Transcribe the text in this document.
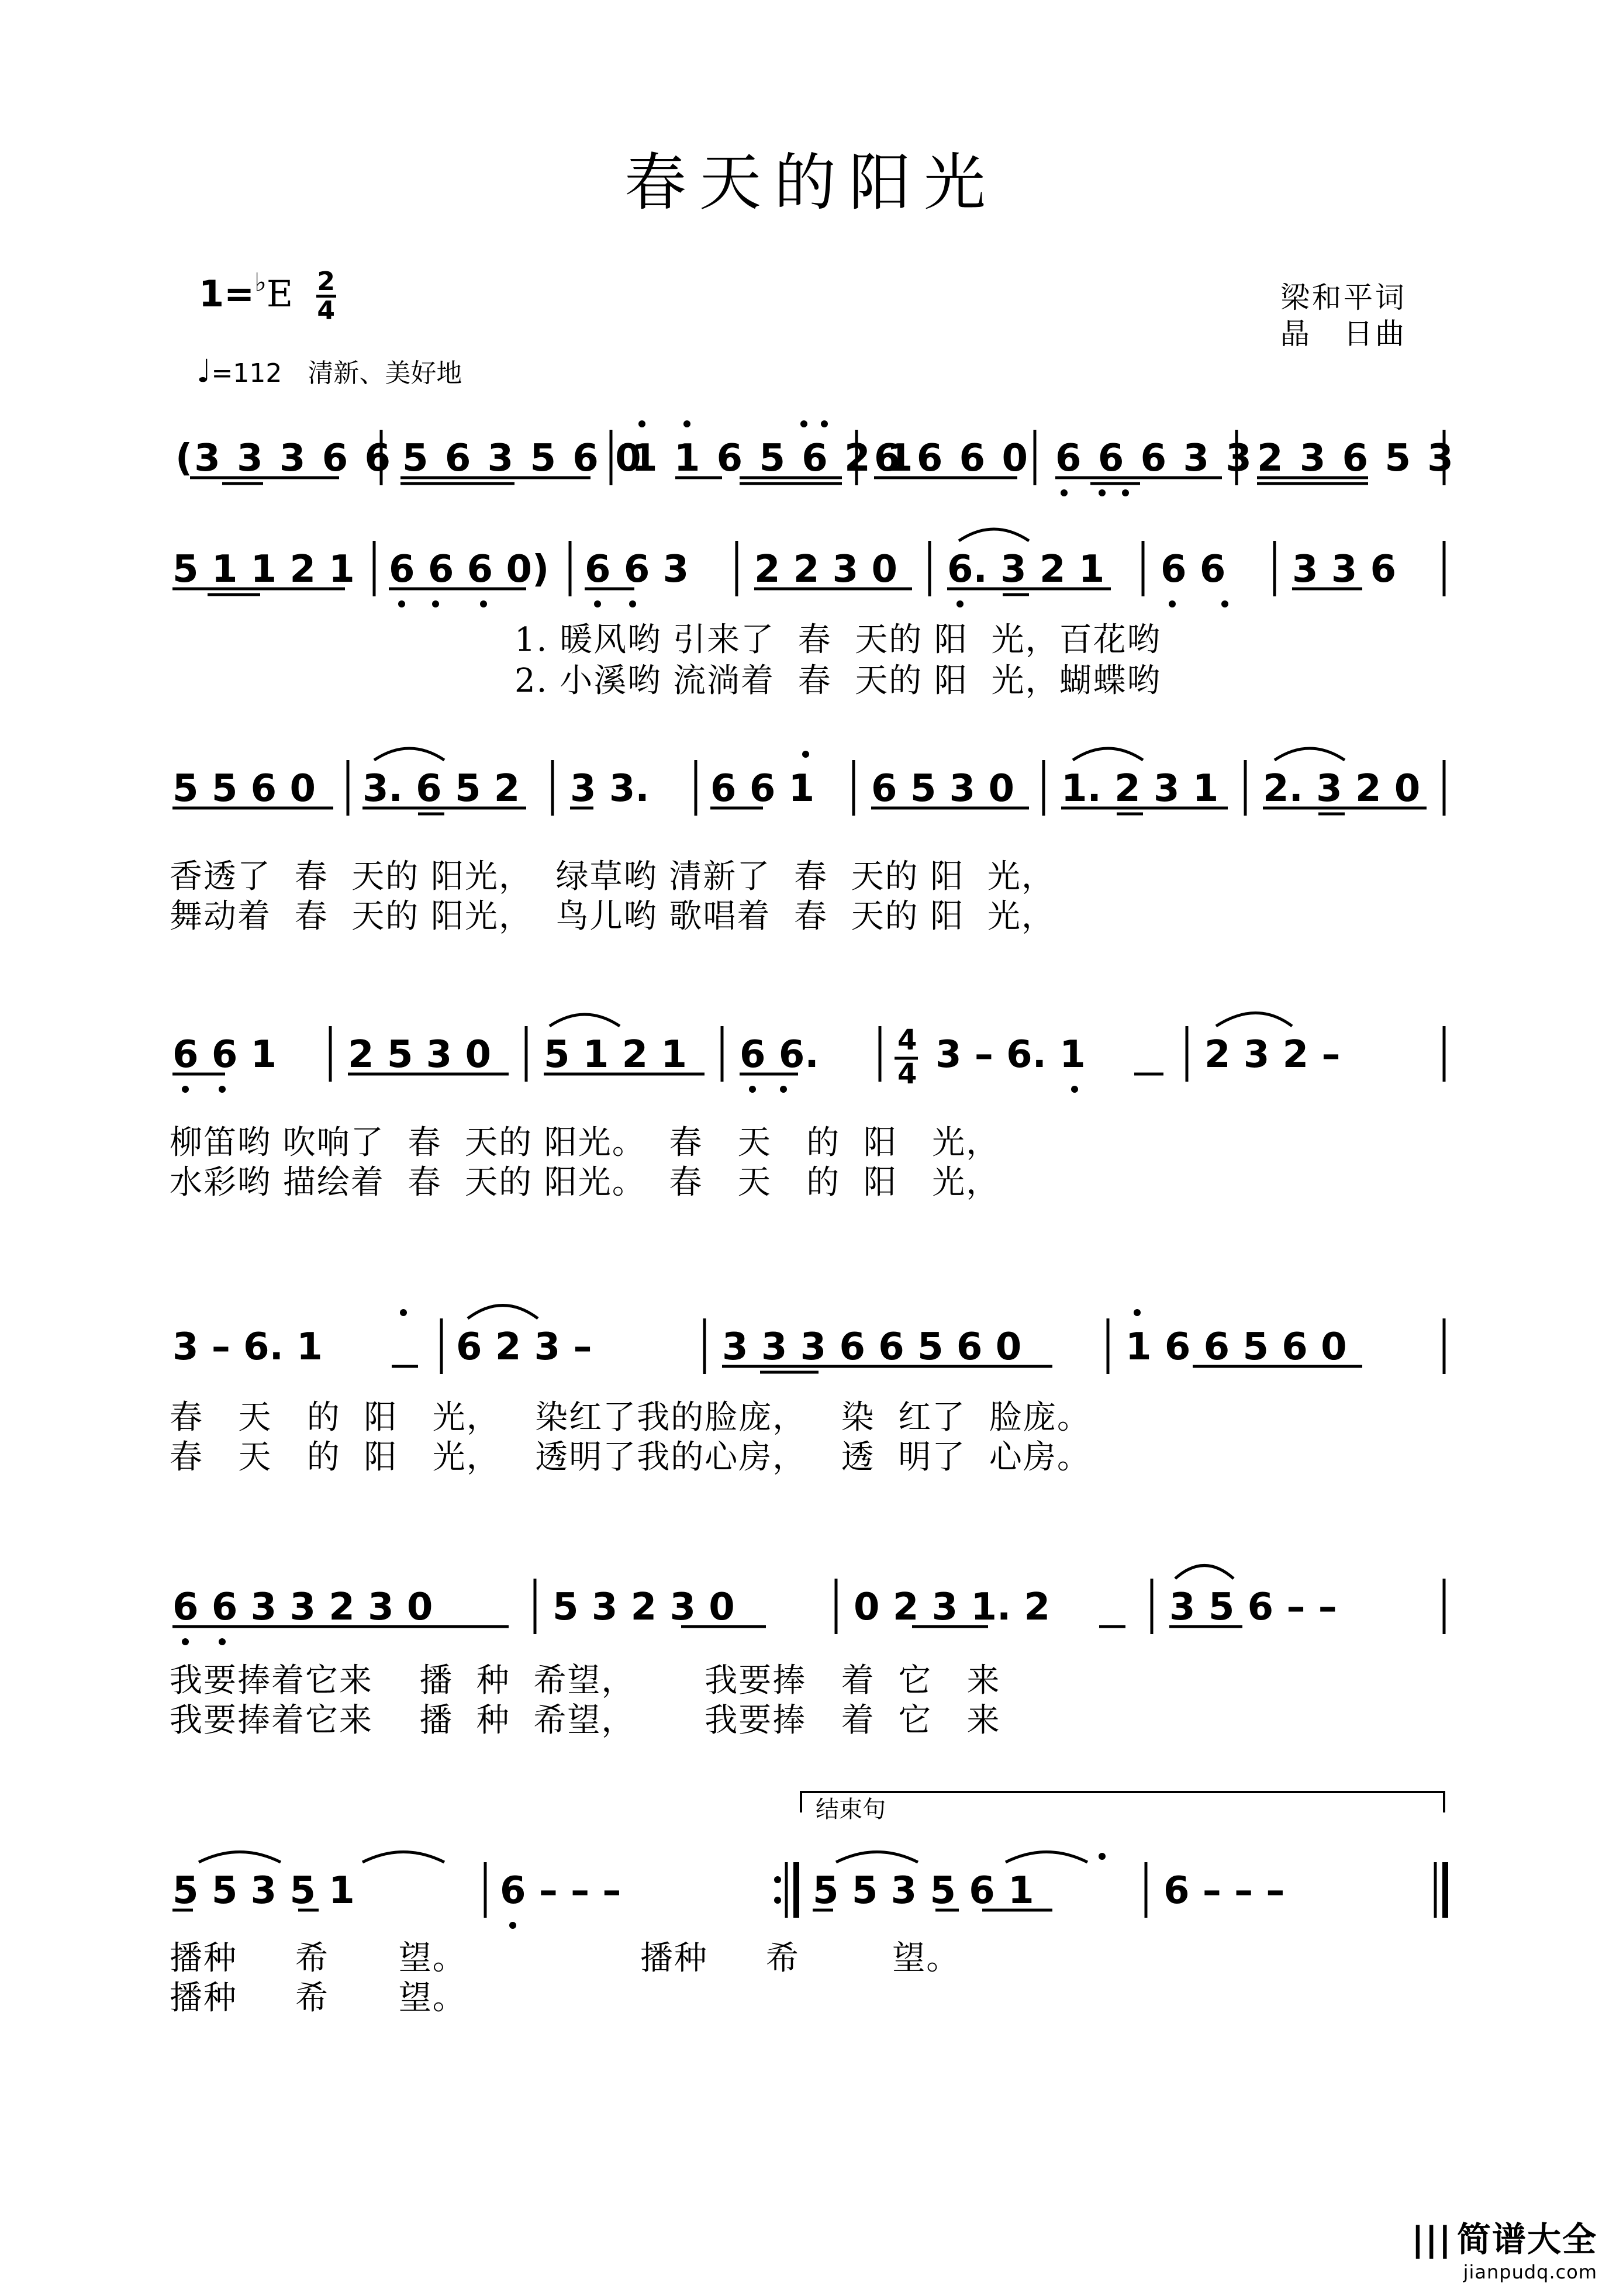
春天的阳光
1=♭E 2
4
♩=112 清新、美好地
梁和平词
晶　日曲
(3 3 3 6 6 5 6 3 5 6 0
1 1 6 5 6 2 1
6 6 6 0 6 6 6 3 3 2 3 6 5 3
5 1 1 2 1 6 6 6 0) 6 6 3 2 2 3 0 6. 3 2 1 6 6 3 3 6
1. 暖风哟 引来了  春  天的 阳  光，百花哟
2. 小溪哟 流淌着  春  天的 阳  光，蝴蝶哟
5 5 6 0 3. 6 5 2 3 3. 6 6 1 6 5 3 0 1. 2 3 1 2. 3 2 0
香透了  春  天的 阳光，  绿草哟 清新了  春  天的 阳  光，
舞动着  春  天的 阳光，  鸟儿哟 歌唱着  春  天的 阳  光，
6 6 1 2 5 3 0 5 1 2 1 6 6.	4
4 3 – 6. 1	2 3 2 –
柳笛哟 吹响了  春  天的 阳光。  春   天   的  阳   光，
水彩哟 描绘着  春  天的 阳光。  春   天   的  阳   光，
3 – 6. 1	6 2 3 –	3 3 3 6 6 5 6 0	1 6 6 5 6 0
春   天   的  阳   光，   染红了我的脸庞，   染  红了  脸庞。
春   天   的  阳   光，   透明了我的心房，   透  明了  心房。
6 6 3 3 2 3 0	5 3 2 3 0	0 2 3 1. 2	3 5 6 – –
我要捧着它来    播  种  希望，      我要捧   着  它   来
我要捧着它来    播  种  希望，      我要捧   着  它   来
结束句
5 5 3 5 1	6 – – –	5 5 3 5 6 1	6 – – –
播种     希      望。               播种     希        望。
播种     希      望。
||| 简谱大全
jianpudq.com
